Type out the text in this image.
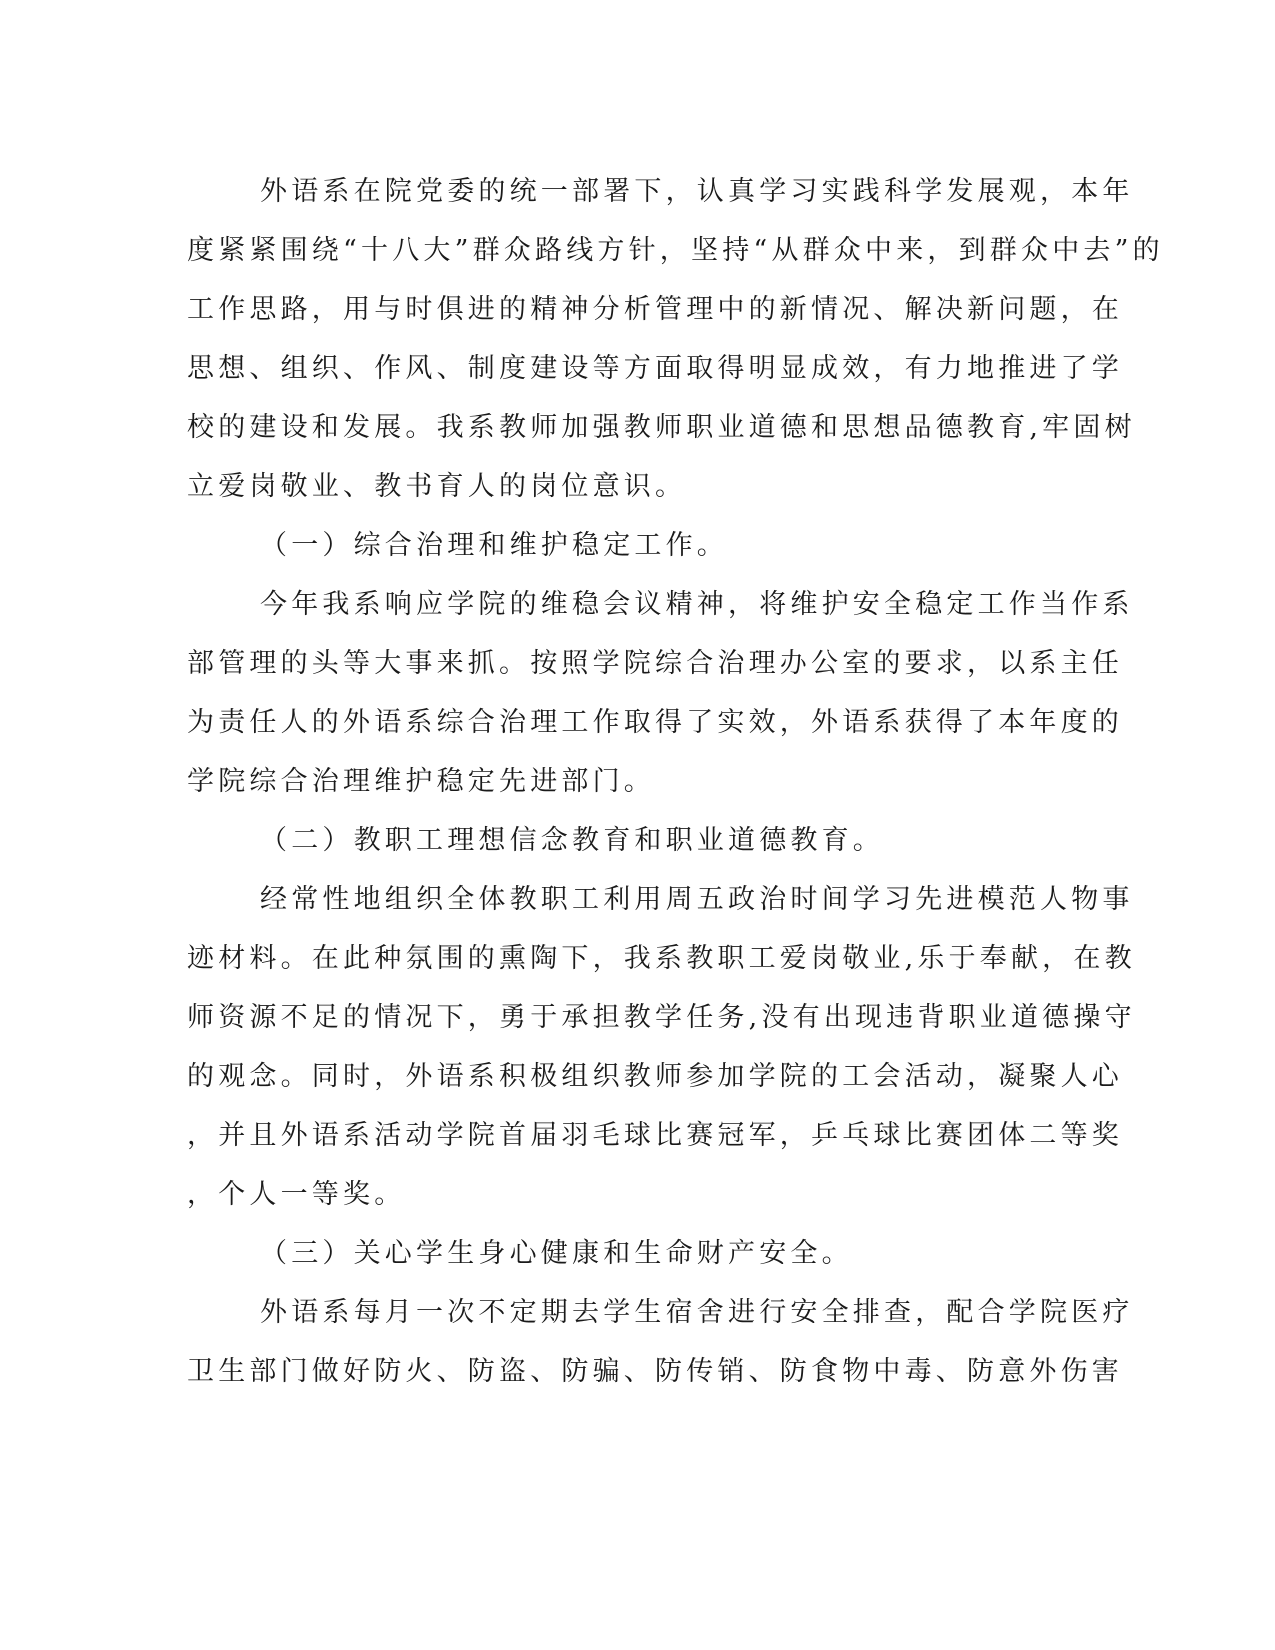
外语系在院党委的统一部署下，认真学习实践科学发展观，本年
度紧紧围绕“十八大”群众路线方针，坚持“从群众中来，到群众中去”的
工作思路，用与时俱进的精神分析管理中的新情况、解决新问题，在
思想、组织、作风、制度建设等方面取得明显成效，有力地推进了学
校的建设和发展。我系教师加强教师职业道德和思想品德教育,牢固树
立爱岗敬业、教书育人的岗位意识。
（一）综合治理和维护稳定工作。
今年我系响应学院的维稳会议精神，将维护安全稳定工作当作系
部管理的头等大事来抓。按照学院综合治理办公室的要求，以系主任
为责任人的外语系综合治理工作取得了实效，外语系获得了本年度的
学院综合治理维护稳定先进部门。
（二）教职工理想信念教育和职业道德教育。
经常性地组织全体教职工利用周五政治时间学习先进模范人物事
迹材料。在此种氛围的熏陶下，我系教职工爱岗敬业,乐于奉献，在教
师资源不足的情况下，勇于承担教学任务,没有出现违背职业道德操守
的观念。同时，外语系积极组织教师参加学院的工会活动，凝聚人心
，并且外语系活动学院首届羽毛球比赛冠军，乒乓球比赛团体二等奖
，个人一等奖。
（三）关心学生身心健康和生命财产安全。
外语系每月一次不定期去学生宿舍进行安全排查，配合学院医疗
卫生部门做好防火、防盗、防骗、防传销、防食物中毒、防意外伤害
